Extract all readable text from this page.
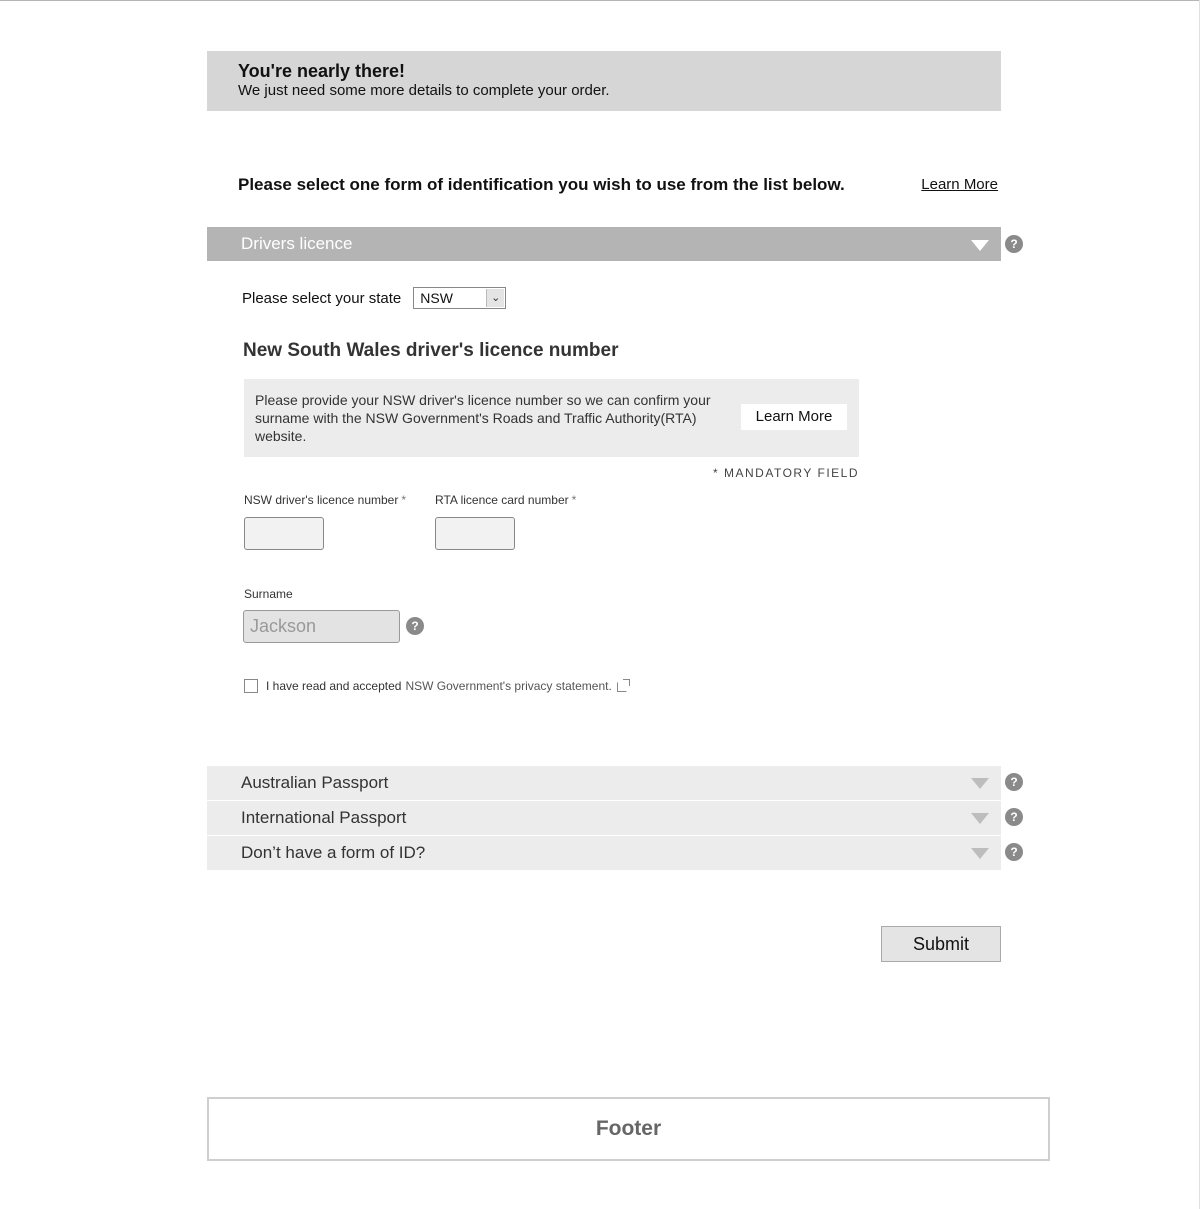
You're nearly there!
We just need some more details to complete your order.
Please select one form of identification you wish to use from the list below.	Learn More
Drivers licence	?
Please select your state NSW	⌄
New South Wales driver's licence number
Please provide your NSW driver's licence number so we can confirm your surname with the NSW Government's Roads and Traffic Authority(RTA) website.
Learn More
* MANDATORY FIELD
NSW driver's licence number * RTA licence card number *
Surname
Jackson	?
I have read and accepted NSW Government's privacy statement.
Australian Passport	?
International Passport	?
Don’t have a form of ID?	?
Submit
Footer
